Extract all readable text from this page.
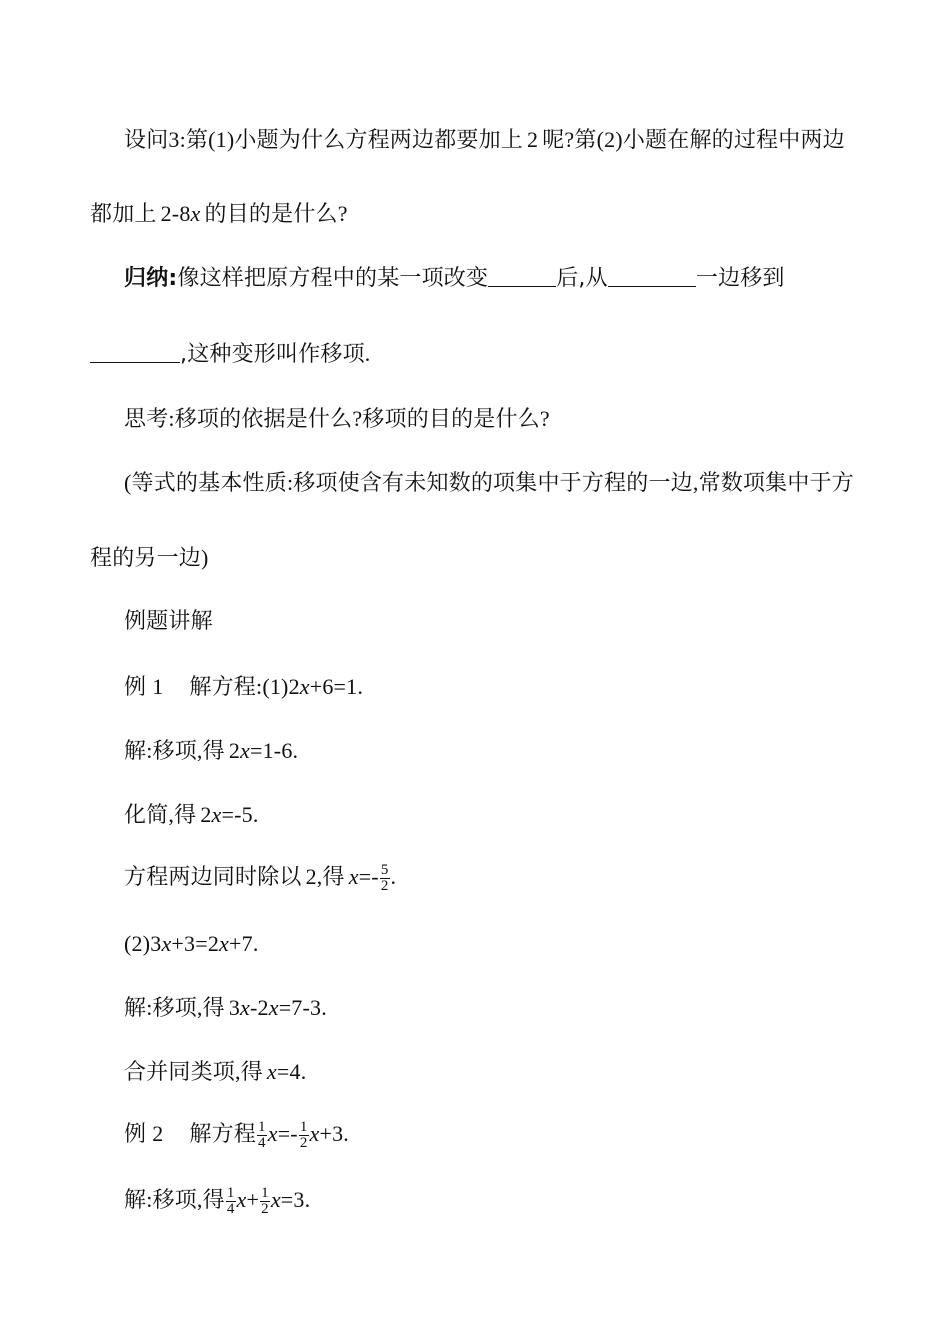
设问3:第(1)小题为什么方程两边都要加上 2 呢?第(2)小题在解的过程中两边
都加上 2-8x 的目的是什么?
归纳:像这样把原方程中的某一项改变	后,从	一边移到
,这种变形叫作移项.
思考:移项的依据是什么?移项的目的是什么?
(等式的基本性质:移项使含有未知数的项集中于方程的一边,常数项集中于方
程的另一边)
例题讲解
例 1 解方程:(1)2x+6=1.
解:移项,得 2x=1-6.
化简,得 2x=-5.
方程两边同时除以 2,得 $x=- \frac{5}{2}$ .
(2)3x+3=2x+7.
解:移项,得 3x-2x=7-3.
合并同类项,得 x=4.
例 2 解方程 $\frac{1}{4} x=- \frac{1}{2} x+3$.
解:移项,得 $\frac{1}{4} x+ \frac{1}{2} x=3$.
